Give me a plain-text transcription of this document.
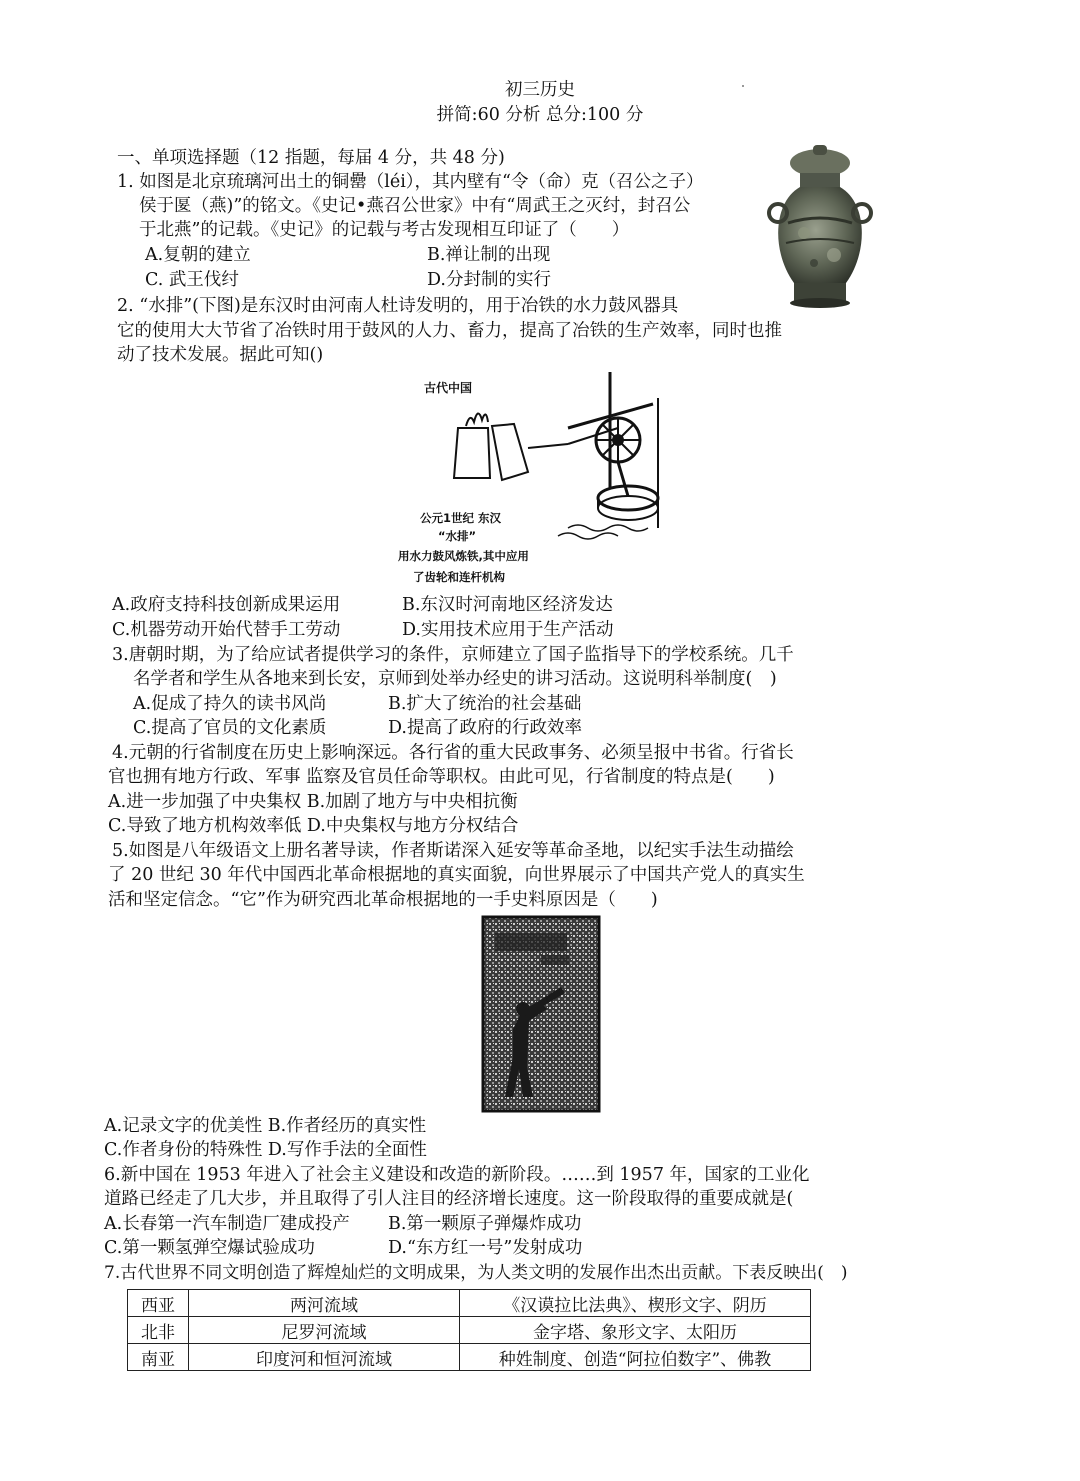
初三历史
拼简:60 分析 总分:100 分
一、单项选择题（12 指题，每届 4 分，共 48 分)
1. 如图是北京琉璃河出土的铜罍（léi），其内壁有“令（命）克（召公之子）
侯于匽（燕)”的铭文。《史记•燕召公世家》中有“周武王之灭纣，封召公
于北燕”的记载。《史记》的记载与考古发现相互印证了（　　）
A.复朝的建立	B.禅让制的出现
C. 武王伐纣	D.分封制的实行
2. “水排”(下图)是东汉时由河南人杜诗发明的，用于冶铁的水力鼓风器具
它的使用大大节省了冶铁时用于鼓风的人力、畜力，提高了冶铁的生产效率，同时也推
动了技术发展。据此可知()
古代中国
公元1世纪 东汉
“水排”
用水力鼓风炼铁,其中应用
了齿轮和连杆机构
A.政府支持科技创新成果运用	B.东汉时河南地区经济发达
C.机器劳动开始代替手工劳动	D.实用技术应用于生产活动
3.唐朝时期，为了给应试者提供学习的条件，京师建立了国子监指导下的学校系统。几千
名学者和学生从各地来到长安，京师到处举办经史的讲习活动。这说明科举制度(　)
A.促成了持久的读书风尚	B.扩大了统治的社会基础
C.提高了官员的文化素质	D.提高了政府的行政效率
4.元朝的行省制度在历史上影响深远。各行省的重大民政事务、必须呈报中书省。行省长
官也拥有地方行政、军事 监察及官员任命等职权。由此可见，行省制度的特点是(　　)
A.进一步加强了中央集权 B.加剧了地方与中央相抗衡
C.导致了地方机构效率低 D.中央集权与地方分权结合
5.如图是八年级语文上册名著导读，作者斯诺深入延安等革命圣地，以纪实手法生动描绘
了 20 世纪 30 年代中国西北革命根据地的真实面貌，向世界展示了中国共产党人的真实生
活和坚定信念。“它”作为研究西北革命根据地的一手史料原因是（　　)
A.记录文字的优美性 B.作者经历的真实性
C.作者身份的特殊性 D.写作手法的全面性
6.新中国在 1953 年进入了社会主义建设和改造的新阶段。……到 1957 年，国家的工业化
道路已经走了几大步，并且取得了引人注目的经济增长速度。这一阶段取得的重要成就是(
A.长春第一汽车制造厂建成投产 B.第一颗原子弹爆炸成功
C.第一颗氢弹空爆试验成功	D.“东方红一号”发射成功
7.古代世界不同文明创造了辉煌灿烂的文明成果，为人类文明的发展作出杰出贡献。下表反映出(　)
西亚	两河流域	《汉谟拉比法典》、楔形文字、阴历
北非	尼罗河流域	金字塔、象形文字、太阳历
南亚	印度河和恒河流域	种姓制度、创造“阿拉伯数字”、佛教
